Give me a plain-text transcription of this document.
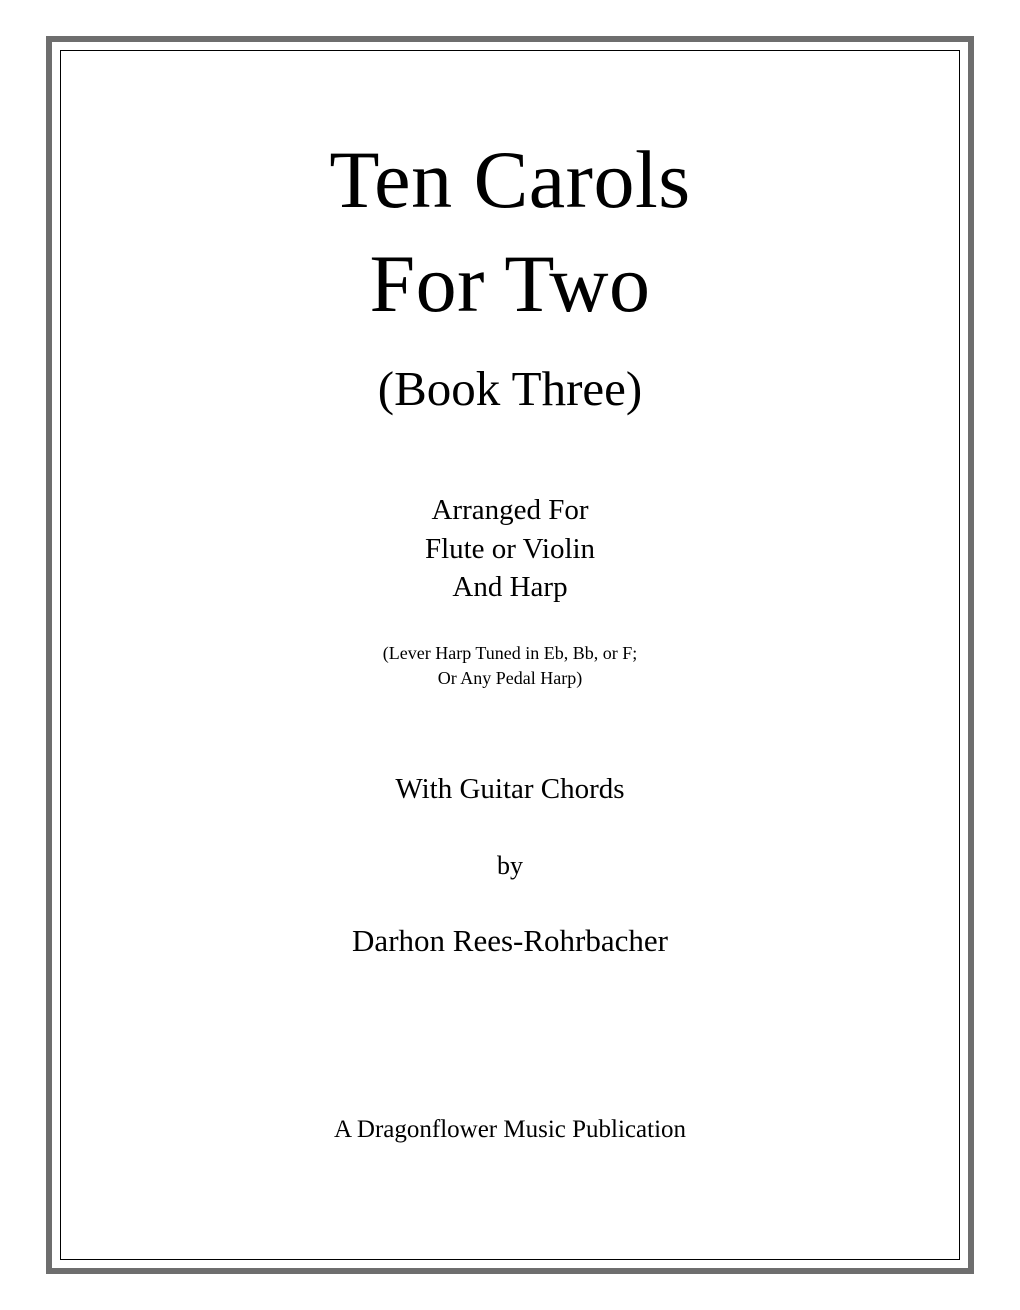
Ten Carols
For Two
(Book Three)
Arranged For
Flute or Violin
And Harp
(Lever Harp Tuned in Eb, Bb, or F;
Or Any Pedal Harp)
With Guitar Chords
by
Darhon Rees-Rohrbacher
A Dragonflower Music Publication
